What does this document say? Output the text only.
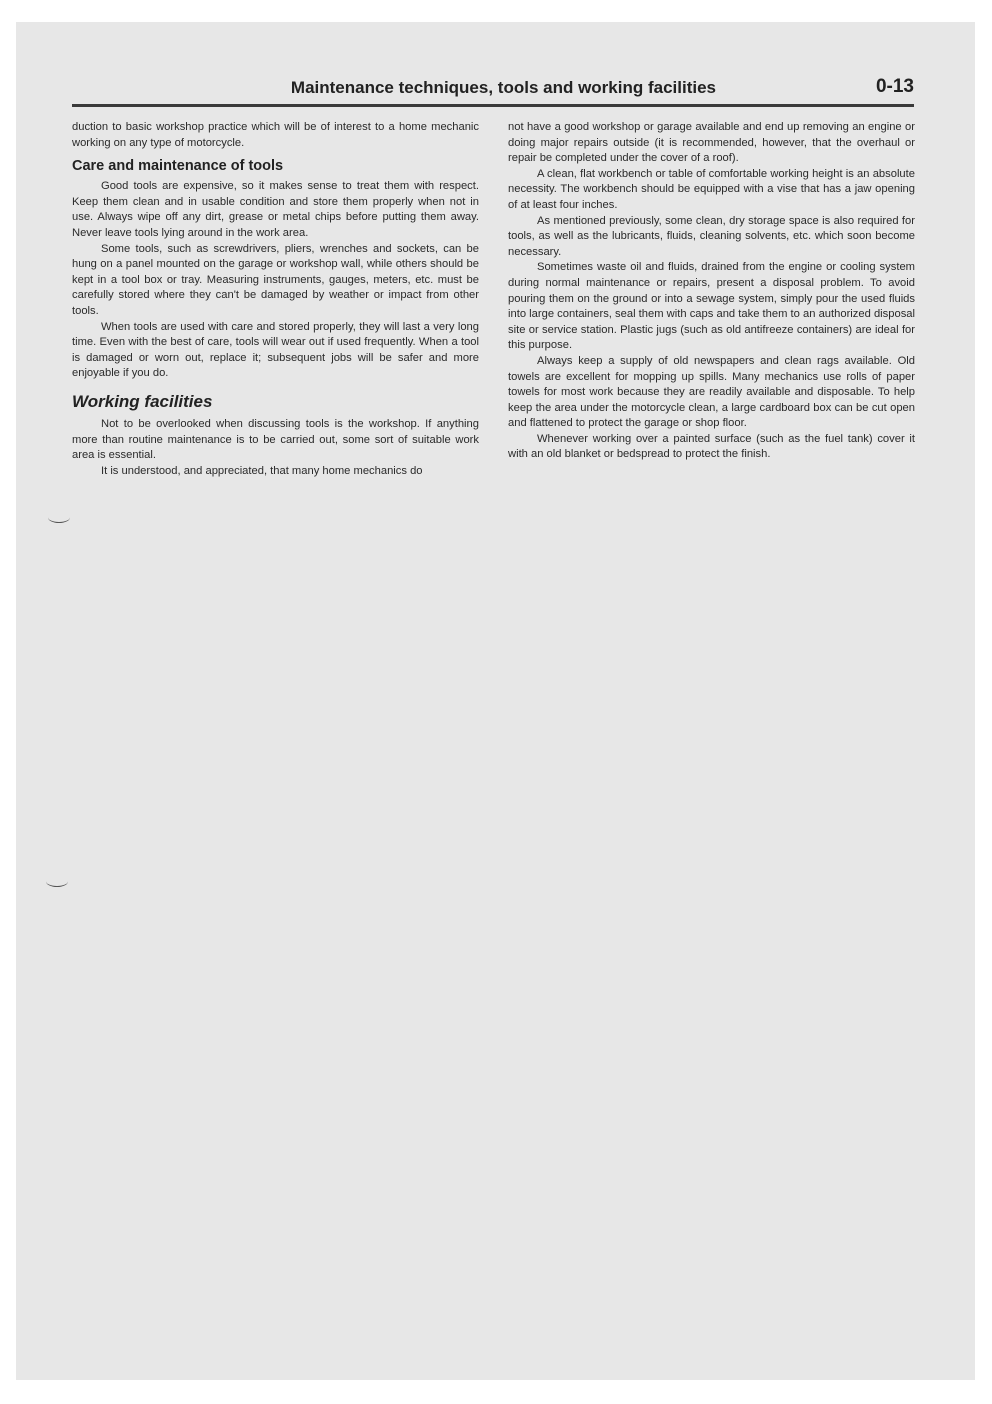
Maintenance techniques, tools and working facilities	0-13

duction to basic workshop practice which will be of interest to a home mechanic working on any type of motorcycle.

Care and maintenance of tools

Good tools are expensive, so it makes sense to treat them with respect. Keep them clean and in usable condition and store them properly when not in use. Always wipe off any dirt, grease or metal chips before putting them away. Never leave tools lying around in the work area.

Some tools, such as screwdrivers, pliers, wrenches and sockets, can be hung on a panel mounted on the garage or workshop wall, while others should be kept in a tool box or tray. Measuring instruments, gauges, meters, etc. must be carefully stored where they can't be damaged by weather or impact from other tools.

When tools are used with care and stored properly, they will last a very long time. Even with the best of care, tools will wear out if used frequently. When a tool is damaged or worn out, replace it; subsequent jobs will be safer and more enjoyable if you do.

Working facilities

Not to be overlooked when discussing tools is the workshop. If anything more than routine maintenance is to be carried out, some sort of suitable work area is essential.

It is understood, and appreciated, that many home mechanics do

not have a good workshop or garage available and end up removing an engine or doing major repairs outside (it is recommended, however, that the overhaul or repair be completed under the cover of a roof).

A clean, flat workbench or table of comfortable working height is an absolute necessity. The workbench should be equipped with a vise that has a jaw opening of at least four inches.

As mentioned previously, some clean, dry storage space is also required for tools, as well as the lubricants, fluids, cleaning solvents, etc. which soon become necessary.

Sometimes waste oil and fluids, drained from the engine or cooling system during normal maintenance or repairs, present a disposal problem. To avoid pouring them on the ground or into a sewage system, simply pour the used fluids into large containers, seal them with caps and take them to an authorized disposal site or service station. Plastic jugs (such as old antifreeze containers) are ideal for this purpose.

Always keep a supply of old newspapers and clean rags available. Old towels are excellent for mopping up spills. Many mechanics use rolls of paper towels for most work because they are readily available and disposable. To help keep the area under the motorcycle clean, a large cardboard box can be cut open and flattened to protect the garage or shop floor.

Whenever working over a painted surface (such as the fuel tank) cover it with an old blanket or bedspread to protect the finish.
